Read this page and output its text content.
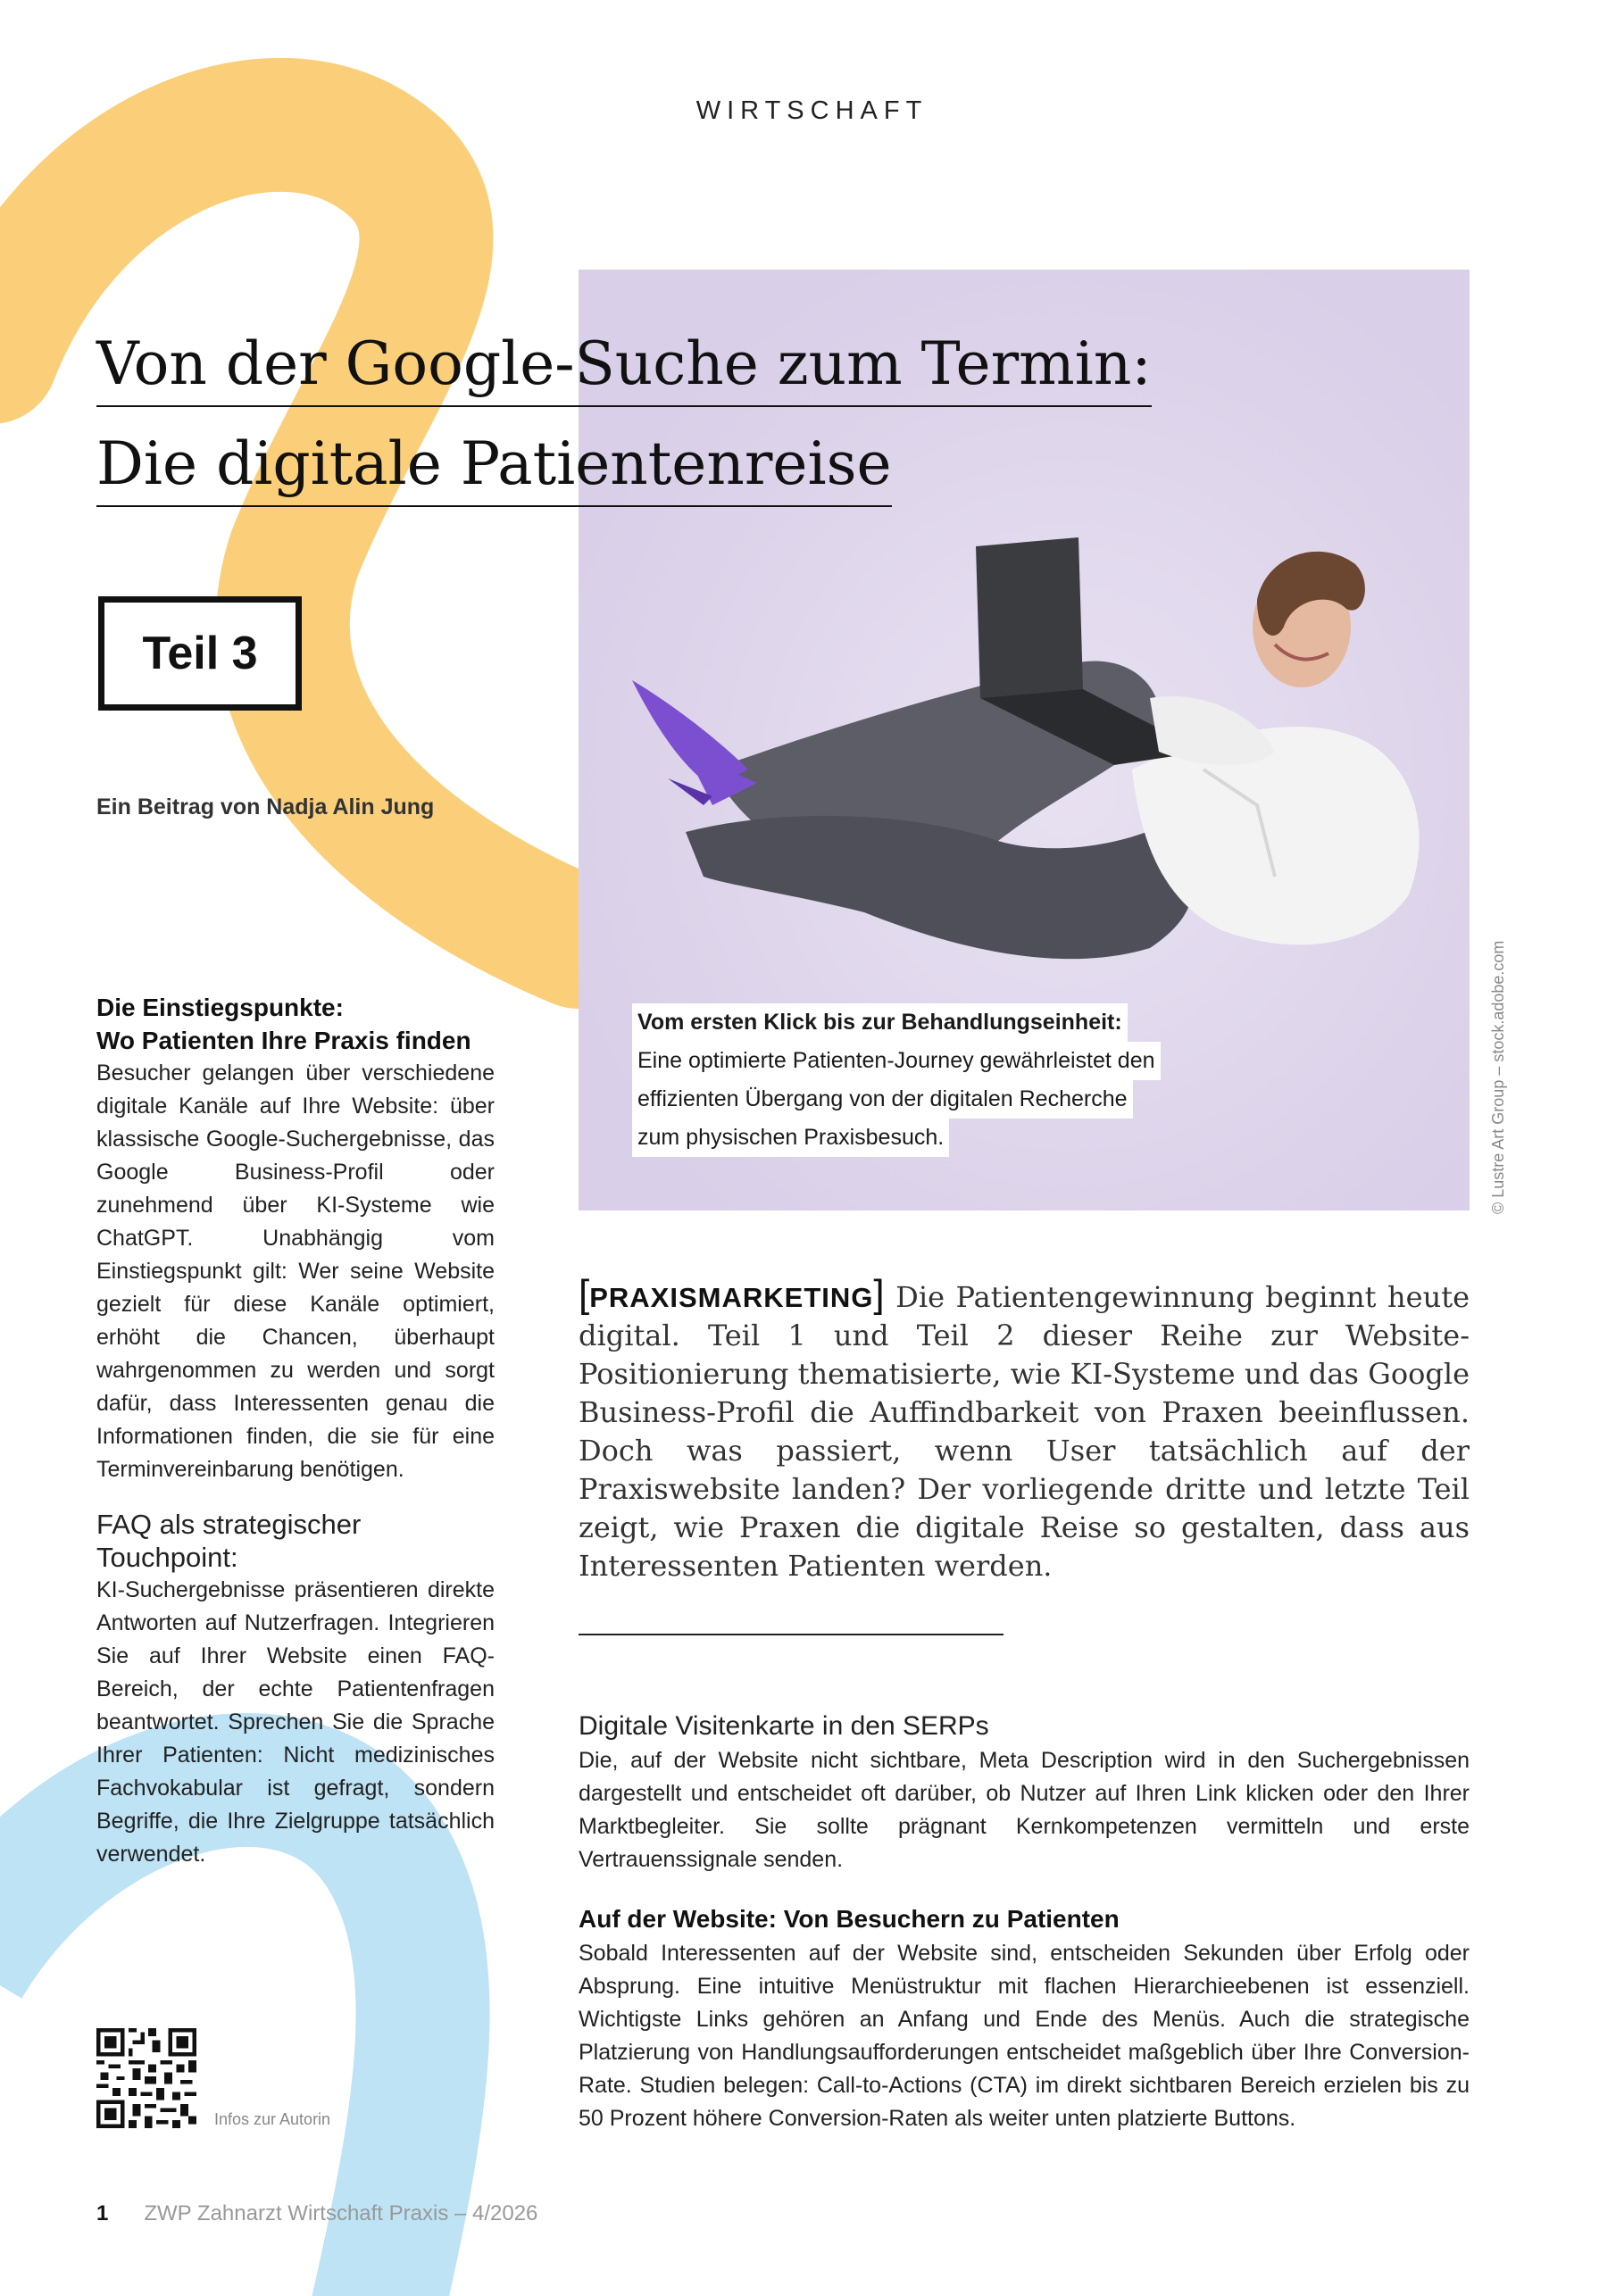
WIRTSCHAFT
Von der Google-Suche zum Termin:
Die digitale Patientenreise
Teil 3
Ein Beitrag von Nadja Alin Jung
Vom ersten Klick bis zur Behandlungseinheit:
Eine optimierte Patienten-Journey gewährleistet den
effizienten Übergang von der digitalen Recherche
zum physischen Praxisbesuch.	© Lustre Art Group – stock.adobe.com
Die Einstiegspunkte:
Wo Patienten Ihre Praxis finden

Besucher gelangen über verschiedene digitale Kanäle auf Ihre Website: über klassische Google-Suchergebnisse, das Google Business-Profil oder zunehmend über KI-Systeme wie ChatGPT. Unabhängig vom Einstiegspunkt gilt: Wer seine Website gezielt für diese Kanäle optimiert, erhöht die Chancen, überhaupt wahrgenommen zu werden und sorgt dafür, dass Interessenten genau die Informationen finden, die sie für eine Terminvereinbarung benötigen.

FAQ als strategischer Touchpoint:

KI-Suchergebnisse präsentieren direkte Antworten auf Nutzerfragen. Integrieren Sie auf Ihrer Website einen FAQ-Bereich, der echte Patientenfragen beantwortet. Sprechen Sie die Sprache Ihrer Patienten: Nicht medizinisches Fachvokabular ist gefragt, sondern Begriffe, die Ihre Zielgruppe tatsächlich verwendet.

[PRAXISMARKETING] Die Patientengewinnung beginnt heute digital. Teil 1 und Teil 2 dieser Reihe zur Website-Positionierung thematisierte, wie KI-Systeme und das Google Business-Profil die Auffindbarkeit von Praxen beeinflussen. Doch was passiert, wenn User tatsächlich auf der Praxiswebsite landen? Der vorliegende dritte und letzte Teil zeigt, wie Praxen die digitale Reise so gestalten, dass aus Interessenten Patienten werden.
Digitale Visitenkarte in den SERPs

Die, auf der Website nicht sichtbare, Meta Description wird in den Suchergebnissen dargestellt und entscheidet oft darüber, ob Nutzer auf Ihren Link klicken oder den Ihrer Marktbegleiter. Sie sollte prägnant Kernkompetenzen vermitteln und erste Vertrauenssignale senden.

Auf der Website: Von Besuchern zu Patienten

Sobald Interessenten auf der Website sind, entscheiden Sekunden über Erfolg oder Absprung. Eine intuitive Menüstruktur mit flachen Hierarchieebenen ist essenziell. Wichtigste Links gehören an Anfang und Ende des Menüs. Auch die strategische Platzierung von Handlungsaufforderungen entscheidet maßgeblich über Ihre Conversion-Rate. Studien belegen: Call-to-Actions (CTA) im direkt sichtbaren Bereich erzielen bis zu 50 Prozent höhere Conversion-Raten als weiter unten platzierte Buttons.

Infos zur Autorin
1 ZWP Zahnarzt Wirtschaft Praxis – 4/2026
